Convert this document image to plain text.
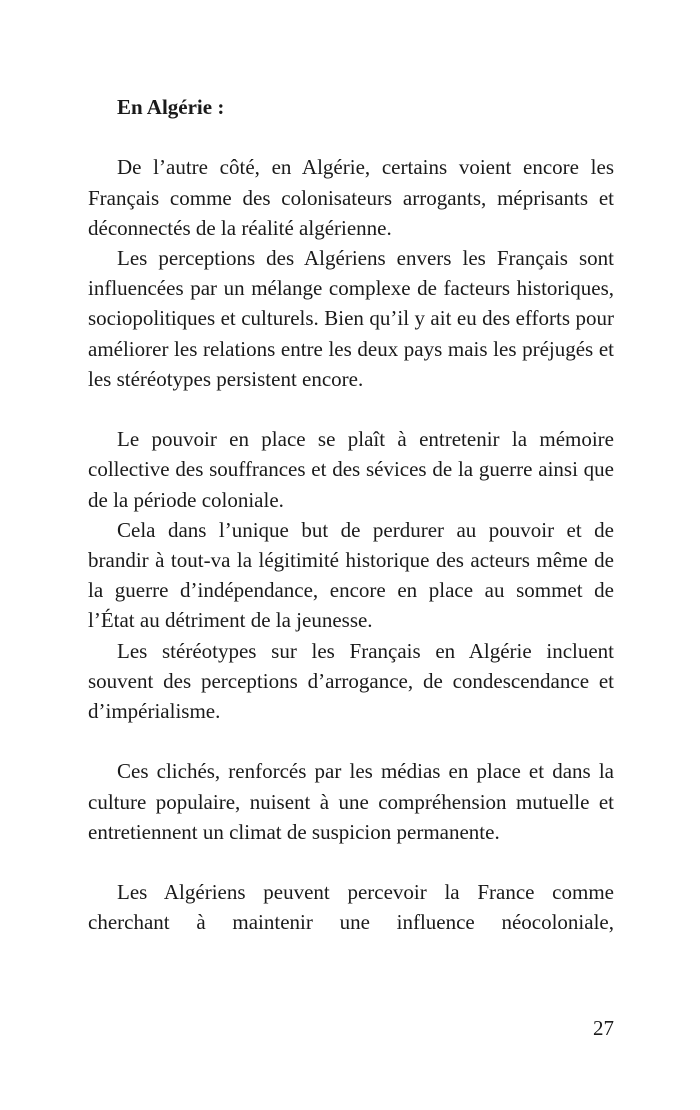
En Algérie :

De l’autre côté, en Algérie, certains voient encore les Français comme des colonisateurs arrogants, méprisants et déconnectés de la réalité algérienne.

Les perceptions des Algériens envers les Français sont influencées par un mélange complexe de facteurs historiques, sociopolitiques et culturels. Bien qu’il y ait eu des efforts pour améliorer les relations entre les deux pays mais les préjugés et les stéréotypes persistent encore.

Le pouvoir en place se plaît à entretenir la mémoire collective des souffrances et des sévices de la guerre ainsi que de la période coloniale.

Cela dans l’unique but de perdurer au pouvoir et de brandir à tout-va la légitimité historique des acteurs même de la guerre d’indépendance, encore en place au sommet de l’État au détriment de la jeunesse.

Les stéréotypes sur les Français en Algérie incluent souvent des perceptions d’arrogance, de condescendance et d’impérialisme.

Ces clichés, renforcés par les médias en place et dans la culture populaire, nuisent à une compréhension mutuelle et entretiennent un climat de suspicion permanente.

Les Algériens peuvent percevoir la France comme cherchant à maintenir une influence néocoloniale,

27
